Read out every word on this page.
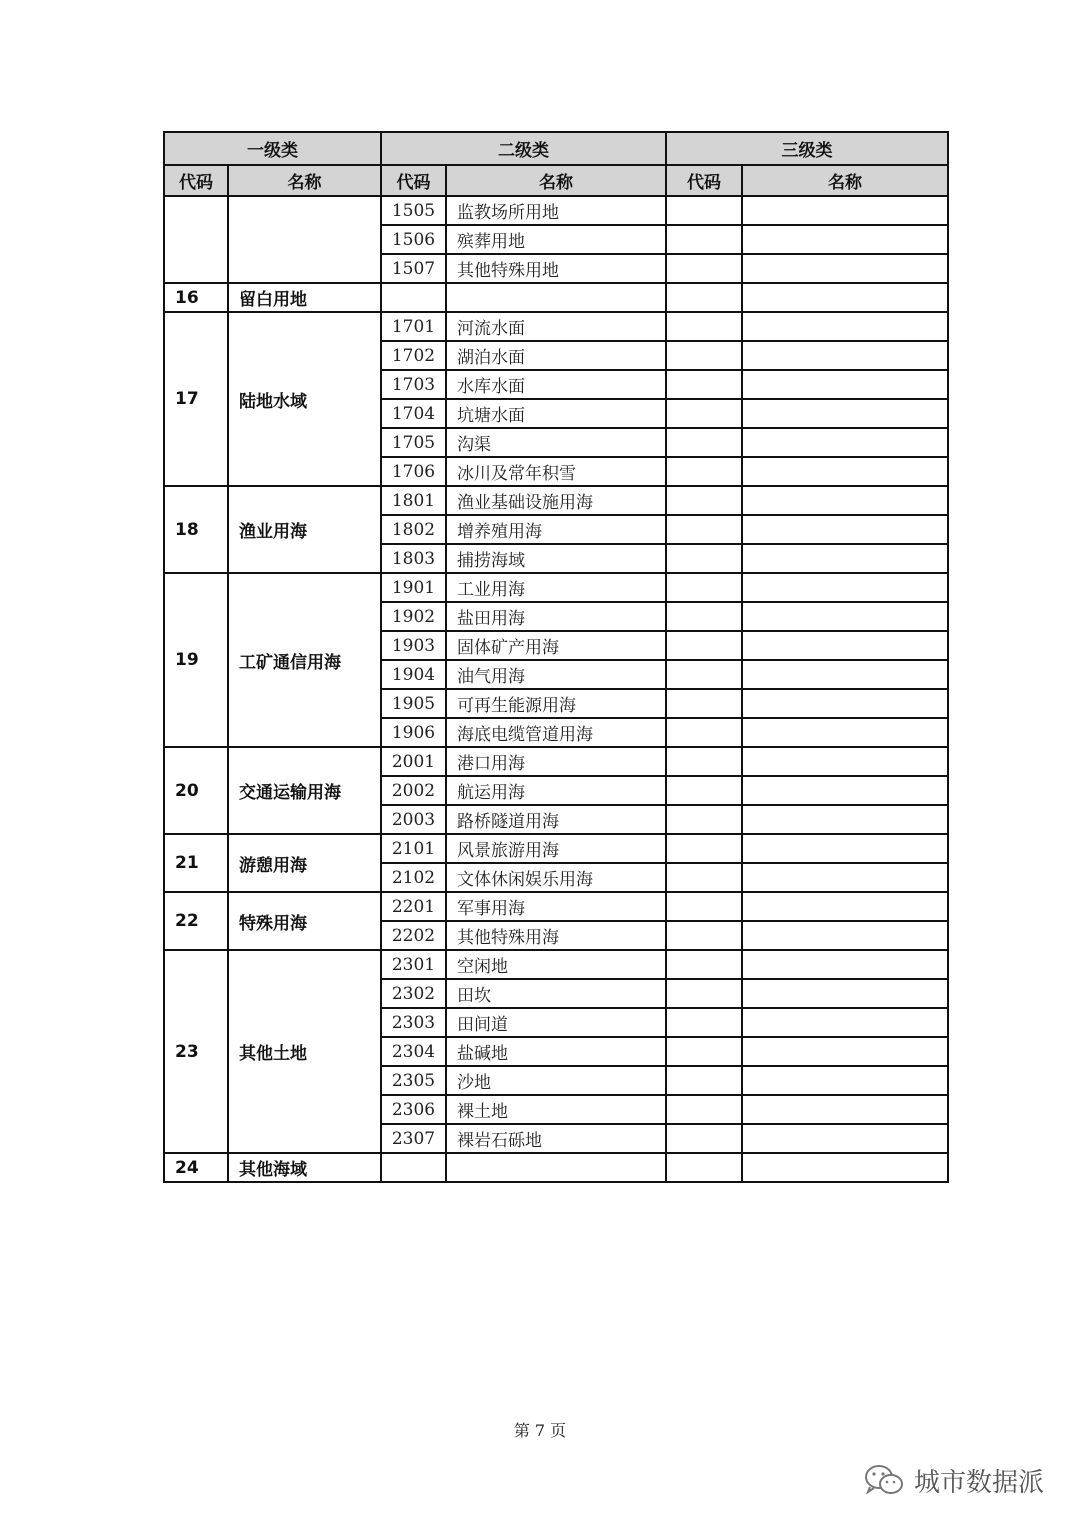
一级类		二级类		三级类	
代码	名称	代码	名称	代码	名称
		1505	监教场所用地		
		1506	殡葬用地		
		1507	其他特殊用地		
16	留白用地				
17	陆地水域	1701	河流水面		
		1702	湖泊水面		
		1703	水库水面		
		1704	坑塘水面		
		1705	沟渠		
		1706	冰川及常年积雪		
18	渔业用海	1801	渔业基础设施用海		
		1802	增养殖用海		
		1803	捕捞海域		
19	工矿通信用海	1901	工业用海		
		1902	盐田用海		
		1903	固体矿产用海		
		1904	油气用海		
		1905	可再生能源用海		
		1906	海底电缆管道用海		
20	交通运输用海	2001	港口用海		
		2002	航运用海		
		2003	路桥隧道用海		
21	游憩用海	2101	风景旅游用海		
		2102	文体休闲娱乐用海		
22	特殊用海	2201	军事用海		
		2202	其他特殊用海		
23	其他土地	2301	空闲地		
		2302	田坎		
		2303	田间道		
		2304	盐碱地		
		2305	沙地		
		2306	裸土地		
		2307	裸岩石砾地		
24	其他海域				
第 7 页
城市数据派
